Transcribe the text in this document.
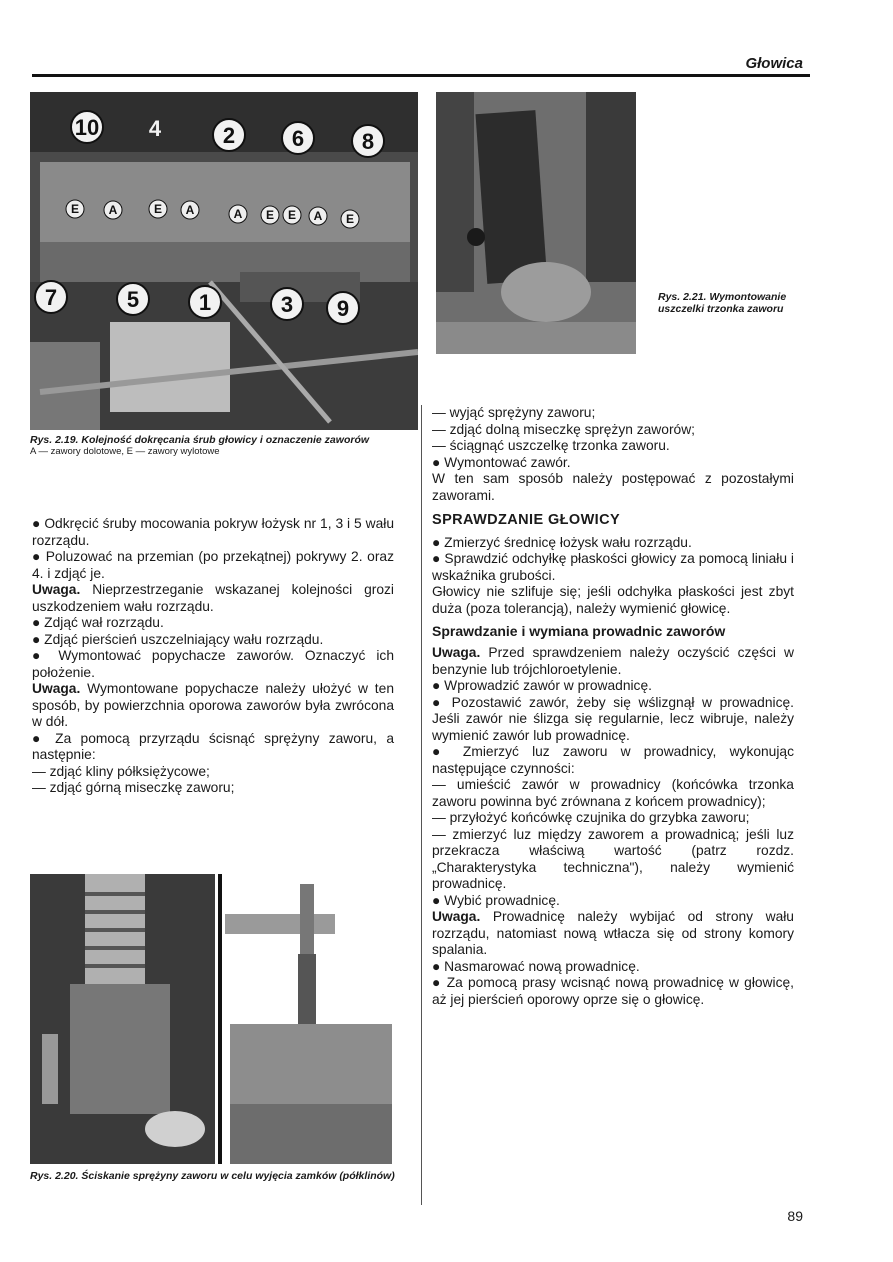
Głowica
10 4	2	6	8
7	5	1	3 9
E A	E A	A E E A E
Rys. 2.19. Kolejność dokręcania śrub głowicy i oznaczenie zaworów
A — zawory dolotowe, E — zawory wylotowe
Rys. 2.21. Wymontowanie uszczelki trzonka zaworu

● Odkręcić śruby mocowania pokryw łożysk nr 1, 3 i 5 wału rozrządu.

● Poluzować na przemian (po przekątnej) pokrywy 2. oraz 4. i zdjąć je.

Uwaga. Nieprzestrzeganie wskazanej kolejności grozi uszkodzeniem wału rozrządu.

● Zdjąć wał rozrządu.

● Zdjąć pierścień uszczelniający wału rozrządu.

● Wymontować popychacze zaworów. Oznaczyć ich położenie.

Uwaga. Wymontowane popychacze należy ułożyć w ten sposób, by powierzchnia oporowa zaworów była zwrócona w dół.

● Za pomocą przyrządu ścisnąć sprężyny zaworu, a następnie:

— zdjąć kliny półksiężycowe;

— zdjąć górną miseczkę zaworu;

Rys. 2.20. Ściskanie sprężyny zaworu w celu wyjęcia zamków (półklinów)

— wyjąć sprężyny zaworu;

— zdjąć dolną miseczkę sprężyn zaworów;

— ściągnąć uszczelkę trzonka zaworu.

● Wymontować zawór.

W ten sam sposób należy postępować z pozostałymi zaworami.

SPRAWDZANIE GŁOWICY

● Zmierzyć średnicę łożysk wału rozrządu.

● Sprawdzić odchyłkę płaskości głowicy za pomocą liniału i wskaźnika grubości.

Głowicy nie szlifuje się; jeśli odchyłka płaskości jest zbyt duża (poza tolerancją), należy wymienić głowicę.

Sprawdzanie i wymiana prowadnic zaworów

Uwaga. Przed sprawdzeniem należy oczyścić części w benzynie lub trójchloroetylenie.

● Wprowadzić zawór w prowadnicę.

● Pozostawić zawór, żeby się wślizgnął w prowadnicę. Jeśli zawór nie ślizga się regularnie, lecz wibruje, należy wymienić zawór lub prowadnicę.

● Zmierzyć luz zaworu w prowadnicy, wykonując następujące czynności:

— umieścić zawór w prowadnicy (końcówka trzonka zaworu powinna być zrównana z końcem prowadnicy);

— przyłożyć końcówkę czujnika do grzybka zaworu;

— zmierzyć luz między zaworem a prowadnicą; jeśli luz przekracza właściwą wartość (patrz rozdz. „Charakterystyka techniczna"), należy wymienić prowadnicę.

● Wybić prowadnicę.

Uwaga. Prowadnicę należy wybijać od strony wału rozrządu, natomiast nową wtłacza się od strony komory spalania.

● Nasmarować nową prowadnicę.

● Za pomocą prasy wcisnąć nową prowadnicę w głowicę, aż jej pierścień oporowy oprze się o głowicę.

89
